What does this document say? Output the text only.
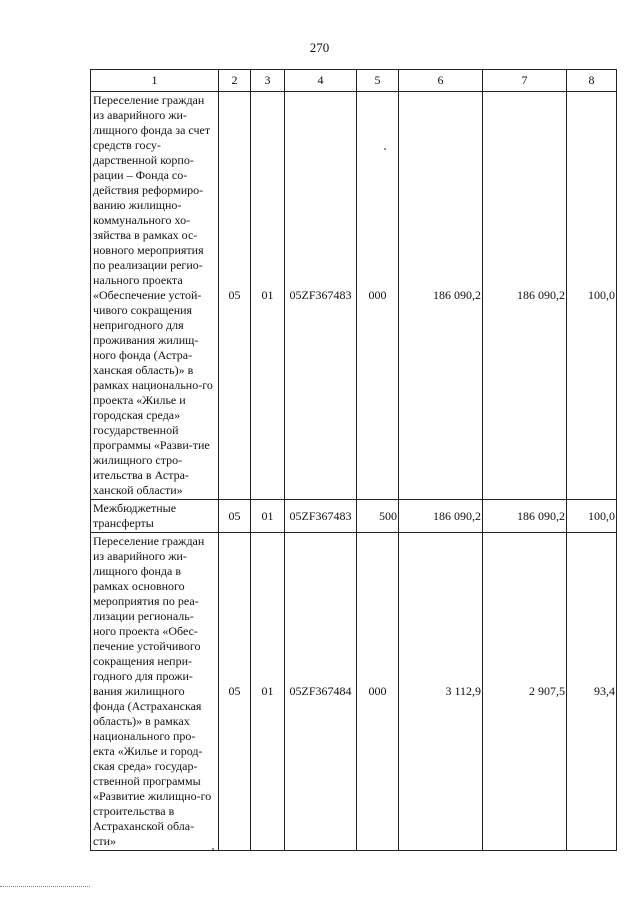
270
1	2	3	4	5	6	7	8
Переселение граждан из аварийного жи-лищного фонда за счет средств госу-дарственной корпо-рации – Фонда со-действия реформиро-ванию жилищно-коммунального хо-зяйства в рамках ос-новного мероприятия по реализации регио-нального проекта «Обеспечение устой-чивого сокращения непригодного для проживания жилищ-ного фонда (Астра-ханская область)» в рамках национально-го проекта «Жилье и городская среда» государственной программы «Разви-тие жилищного стро-ительства в Астра-ханской области»	05	01	05ZF367483	000	186 090,2	186 090,2	100,0
Межбюджетные трансферты	05	01	05ZF367483	500	186 090,2	186 090,2	100,0
Переселение граждан из аварийного жи-лищного фонда в рамках основного мероприятия по реа-лизации региональ-ного проекта «Обес-печение устойчивого сокращения непри-годного для прожи-вания жилищного фонда (Астраханская область)» в рамках национального про-екта «Жилье и город-ская среда» государ-ственной программы «Развитие жилищно-го строительства в Астраханской обла-сти»	05	01	05ZF367484	000	3 112,9	2 907,5	93,4
